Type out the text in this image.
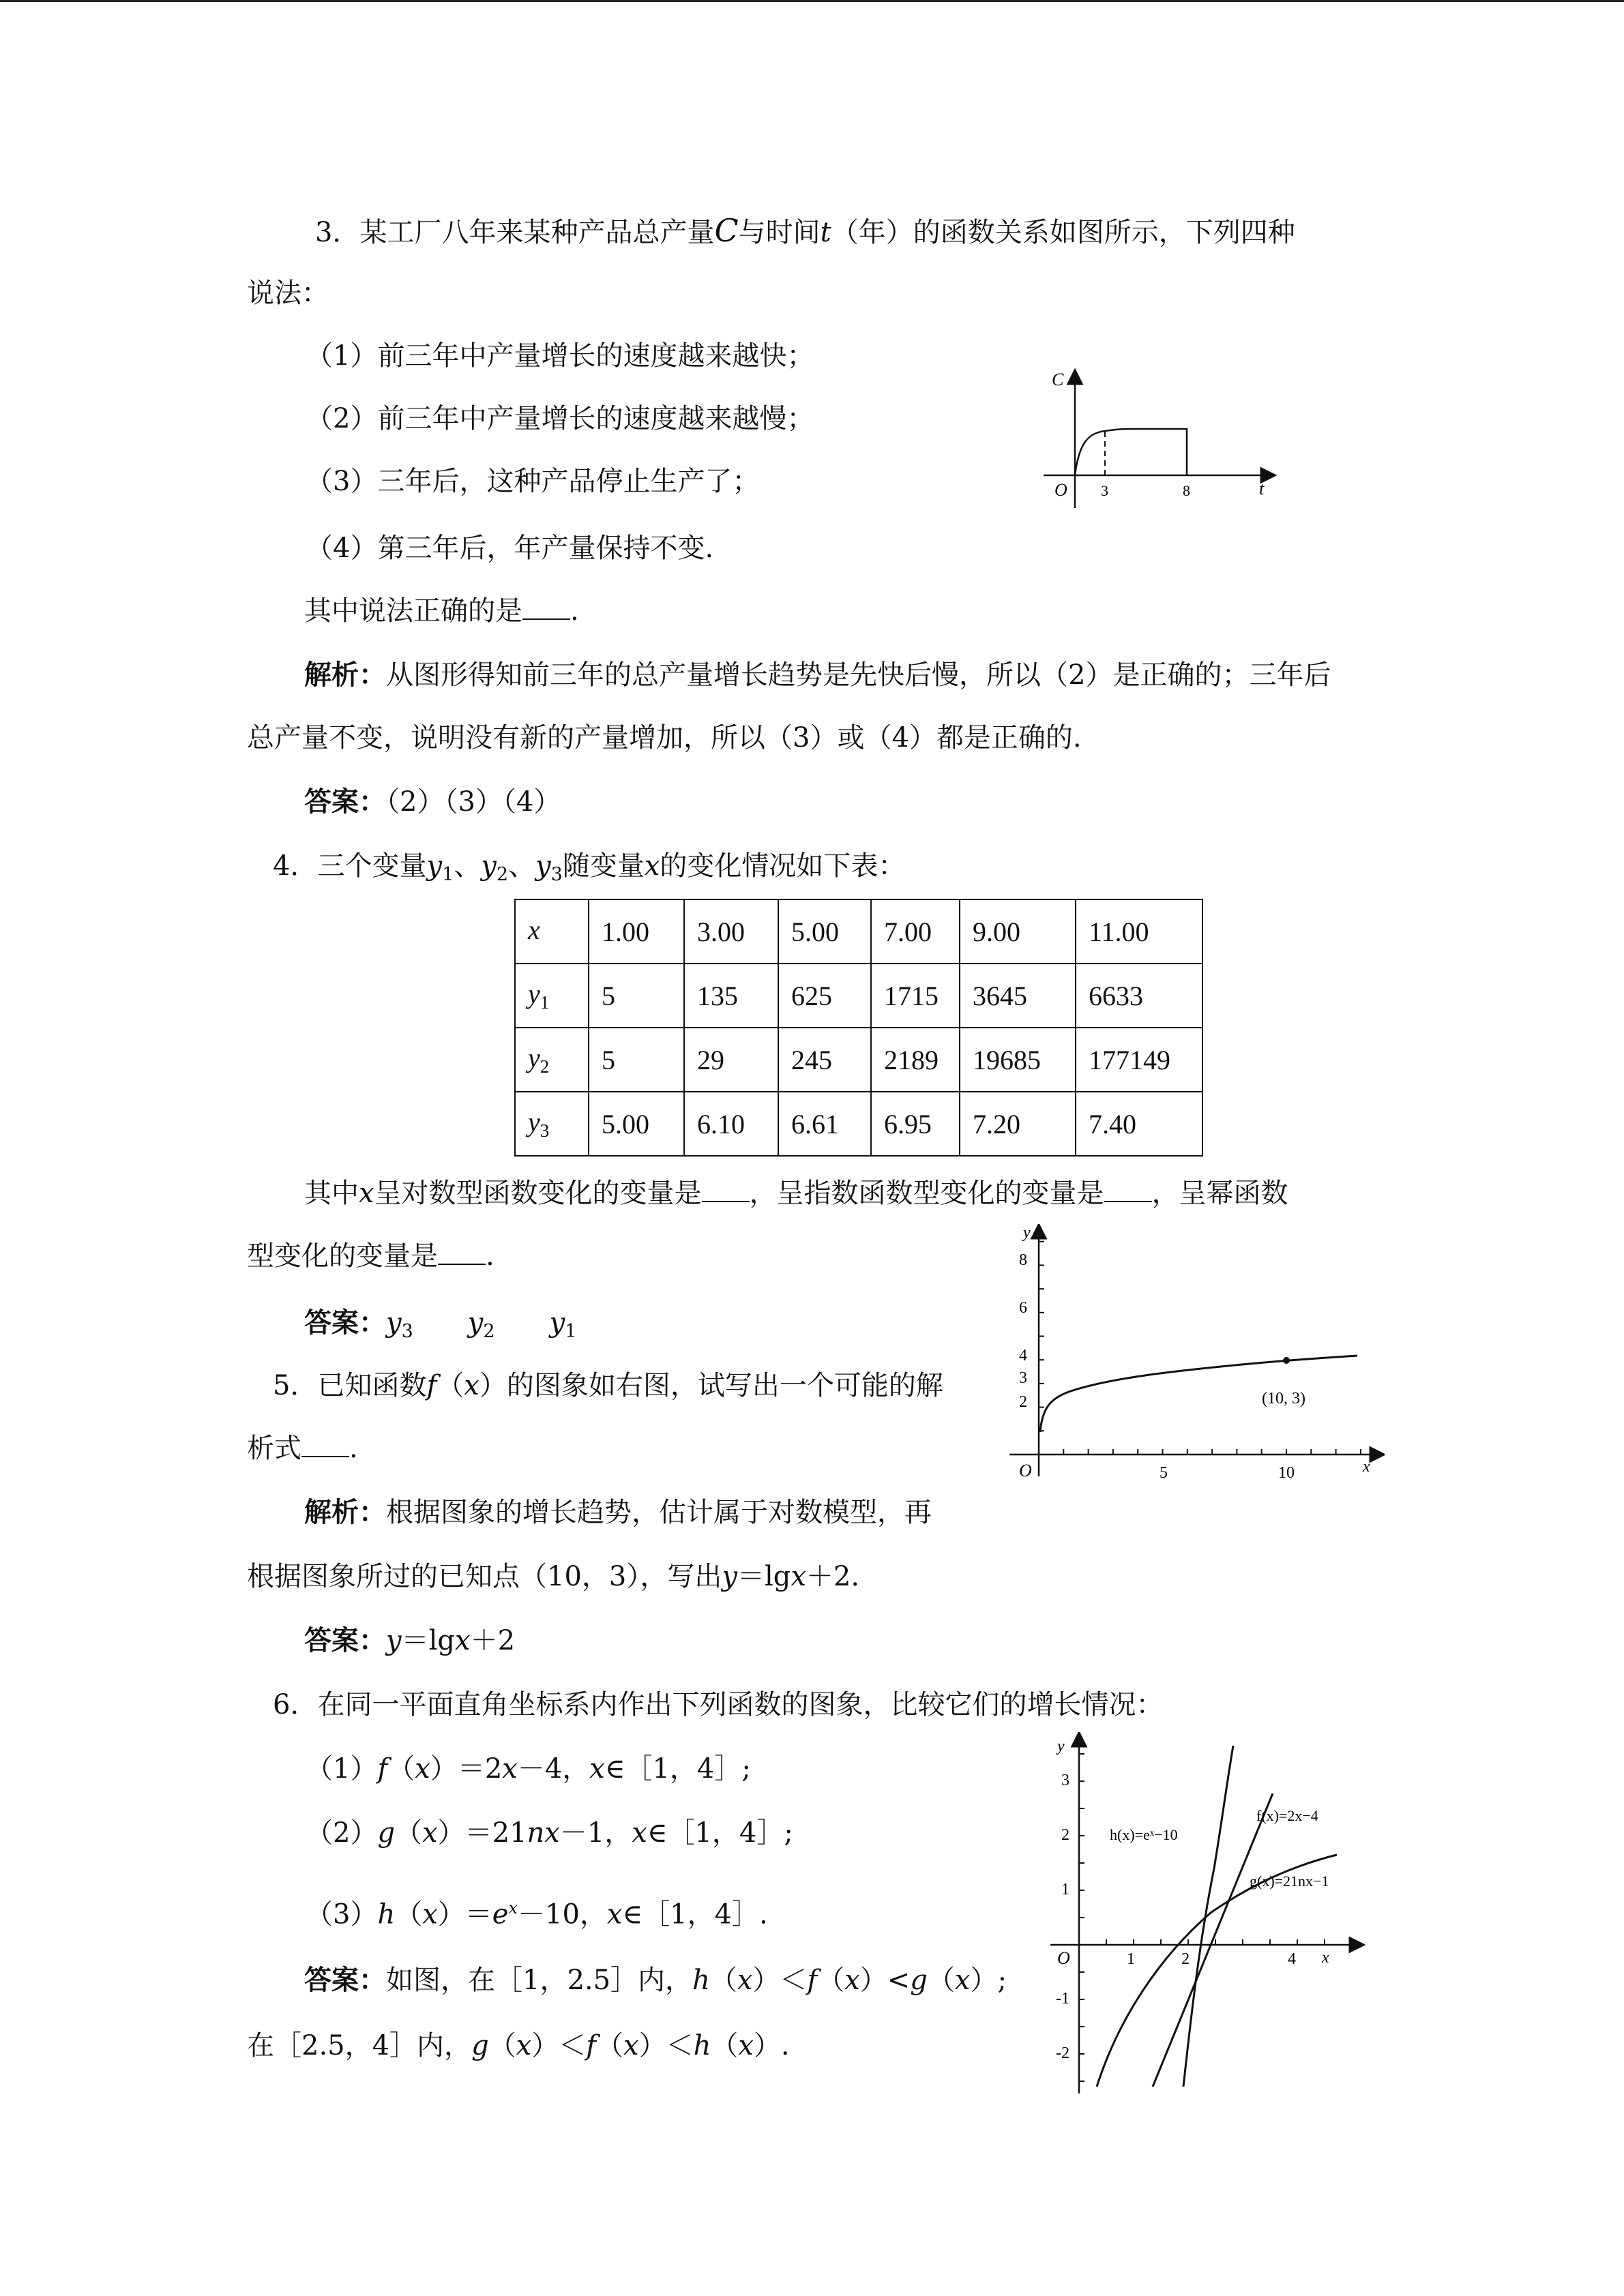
3．某工厂八年来某种产品总产量C与时间t（年）的函数关系如图所示，下列四种
说法：
（1）前三年中产量增长的速度越来越快；
（2）前三年中产量增长的速度越来越慢；
（3）三年后，这种产品停止生产了；
（4）第三年后，年产量保持不变.
其中说法正确的是 .
解析：从图形得知前三年的总产量增长趋势是先快后慢，所以（2）是正确的；三年后
总产量不变，说明没有新的产量增加，所以（3）或（4）都是正确的.
答案：（2）（3）（4）
C
t
O 3	8
4．三个变量$y_1$、$y_2$、$y_3$随变量x的变化情况如下表：
x	1.00	3.00	5.00	7.00	9.00	11.00
$y_1$	5	135	625	1715	3645	6633
$y_2$	5	29	245	2189	19685	177149
$y_3$	5.00	6.10	6.61	6.95	7.20	7.40
其中x呈对数型函数变化的变量是 ，呈指数函数型变化的变量是 ，呈幂函数
型变化的变量是 .
答案：$y_3$ $y_2$ $y_1$
5．已知函数f（x）的图象如右图，试写出一个可能的解
析式 .
解析：根据图象的增长趋势，估计属于对数模型，再
根据图象所过的已知点（10，3），写出y＝lgx＋2.
答案：y＝lgx＋2
(10, 3)
O	x
y
5	10
8
6
4
3
2
6．在同一平面直角坐标系内作出下列函数的图象，比较它们的增长情况：
（1）f（x）＝2x－4，x∈［1，4］;
（2）g（x）＝21nx－1，x∈［1，4］;
$(3)h(x)=e^x-10$，x∈［1，4］.
答案：如图，在［1，2.5］内，h（x）＜f（x）<g（x）;
在［2.5，4］内，g（x）＜f（x）＜h（x）.
h(x)=eˣ−10
f(x)=2x−4
g(x)=21nx−1
O	x
y
3
2
1
-1
-2
1	2	4
